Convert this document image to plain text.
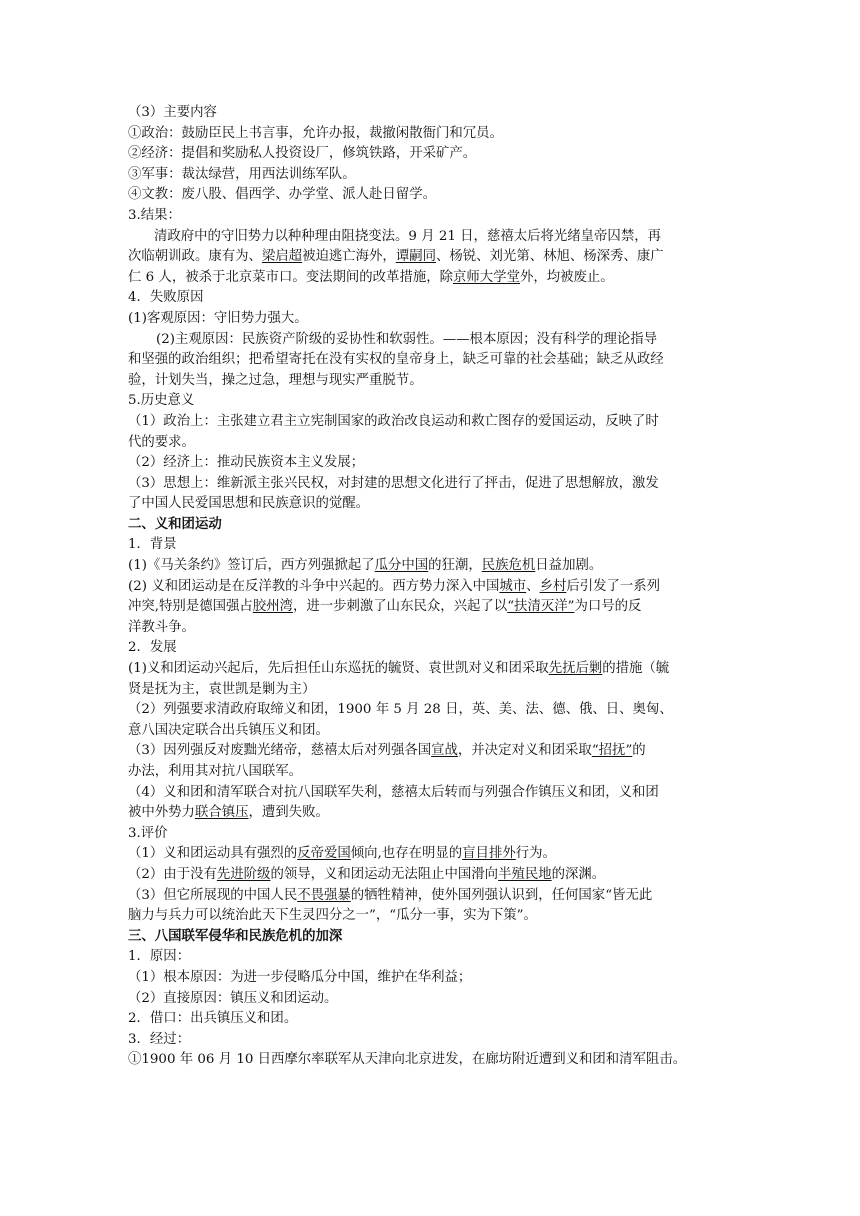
（3）主要内容
①政治：鼓励臣民上书言事，允许办报，裁撤闲散衙门和冗员。
②经济：提倡和奖励私人投资设厂，修筑铁路，开采矿产。
③军事：裁汰绿营，用西法训练军队。
④文教：废八股、倡西学、办学堂、派人赴日留学。
3.结果：
清政府中的守旧势力以种种理由阻挠变法。9 月 21 日，慈禧太后将光绪皇帝囚禁，再
次临朝训政。康有为、梁启超被迫逃亡海外，谭嗣同、杨锐、刘光第、林旭、杨深秀、康广
仁 6 人，被杀于北京菜市口。变法期间的改革措施，除京师大学堂外，均被废止。
4．失败原因
(1)客观原因：守旧势力强大。
(2)主观原因：民族资产阶级的妥协性和软弱性。——根本原因；没有科学的理论指导
和坚强的政治组织；把希望寄托在没有实权的皇帝身上，缺乏可靠的社会基础；缺乏从政经
验，计划失当，操之过急，理想与现实严重脱节。
5.历史意义
（1）政治上：主张建立君主立宪制国家的政治改良运动和救亡图存的爱国运动，反映了时
代的要求。
（2）经济上：推动民族资本主义发展；
（3）思想上：维新派主张兴民权，对封建的思想文化进行了抨击，促进了思想解放，激发
了中国人民爱国思想和民族意识的觉醒。
二、义和团运动
1．背景
(1)《马关条约》签订后，西方列强掀起了瓜分中国的狂潮，民族危机日益加剧。
(2) 义和团运动是在反洋教的斗争中兴起的。西方势力深入中国城市、乡村后引发了一系列
冲突,特别是德国强占胶州湾，进一步刺激了山东民众，兴起了以“扶清灭洋”为口号的反
洋教斗争。
2．发展
(1)义和团运动兴起后，先后担任山东巡抚的毓贤、袁世凯对义和团采取先抚后剿的措施（毓
贤是抚为主，袁世凯是剿为主）
（2）列强要求清政府取缔义和团，1900 年 5 月 28 日，英、美、法、德、俄、日、奥匈、
意八国决定联合出兵镇压义和团。
（3）因列强反对废黜光绪帝，慈禧太后对列强各国宣战，并决定对义和团采取“招抚”的
办法，利用其对抗八国联军。
（4）义和团和清军联合对抗八国联军失利，慈禧太后转而与列强合作镇压义和团，义和团
被中外势力联合镇压，遭到失败。
3.评价
（1）义和团运动具有强烈的反帝爱国倾向,也存在明显的盲目排外行为。
（2）由于没有先进阶级的领导，义和团运动无法阻止中国滑向半殖民地的深渊。
（3）但它所展现的中国人民不畏强暴的牺牲精神，使外国列强认识到，任何国家“皆无此
脑力与兵力可以统治此天下生灵四分之一”，“瓜分一事，实为下策”。
三、八国联军侵华和民族危机的加深
1．原因：
（1）根本原因：为进一步侵略瓜分中国，维护在华利益；
（2）直接原因：镇压义和团运动。
2．借口：出兵镇压义和团。
3．经过：
①1900 年 06 月 10 日西摩尔率联军从天津向北京进发，在廊坊附近遭到义和团和清军阻击。
